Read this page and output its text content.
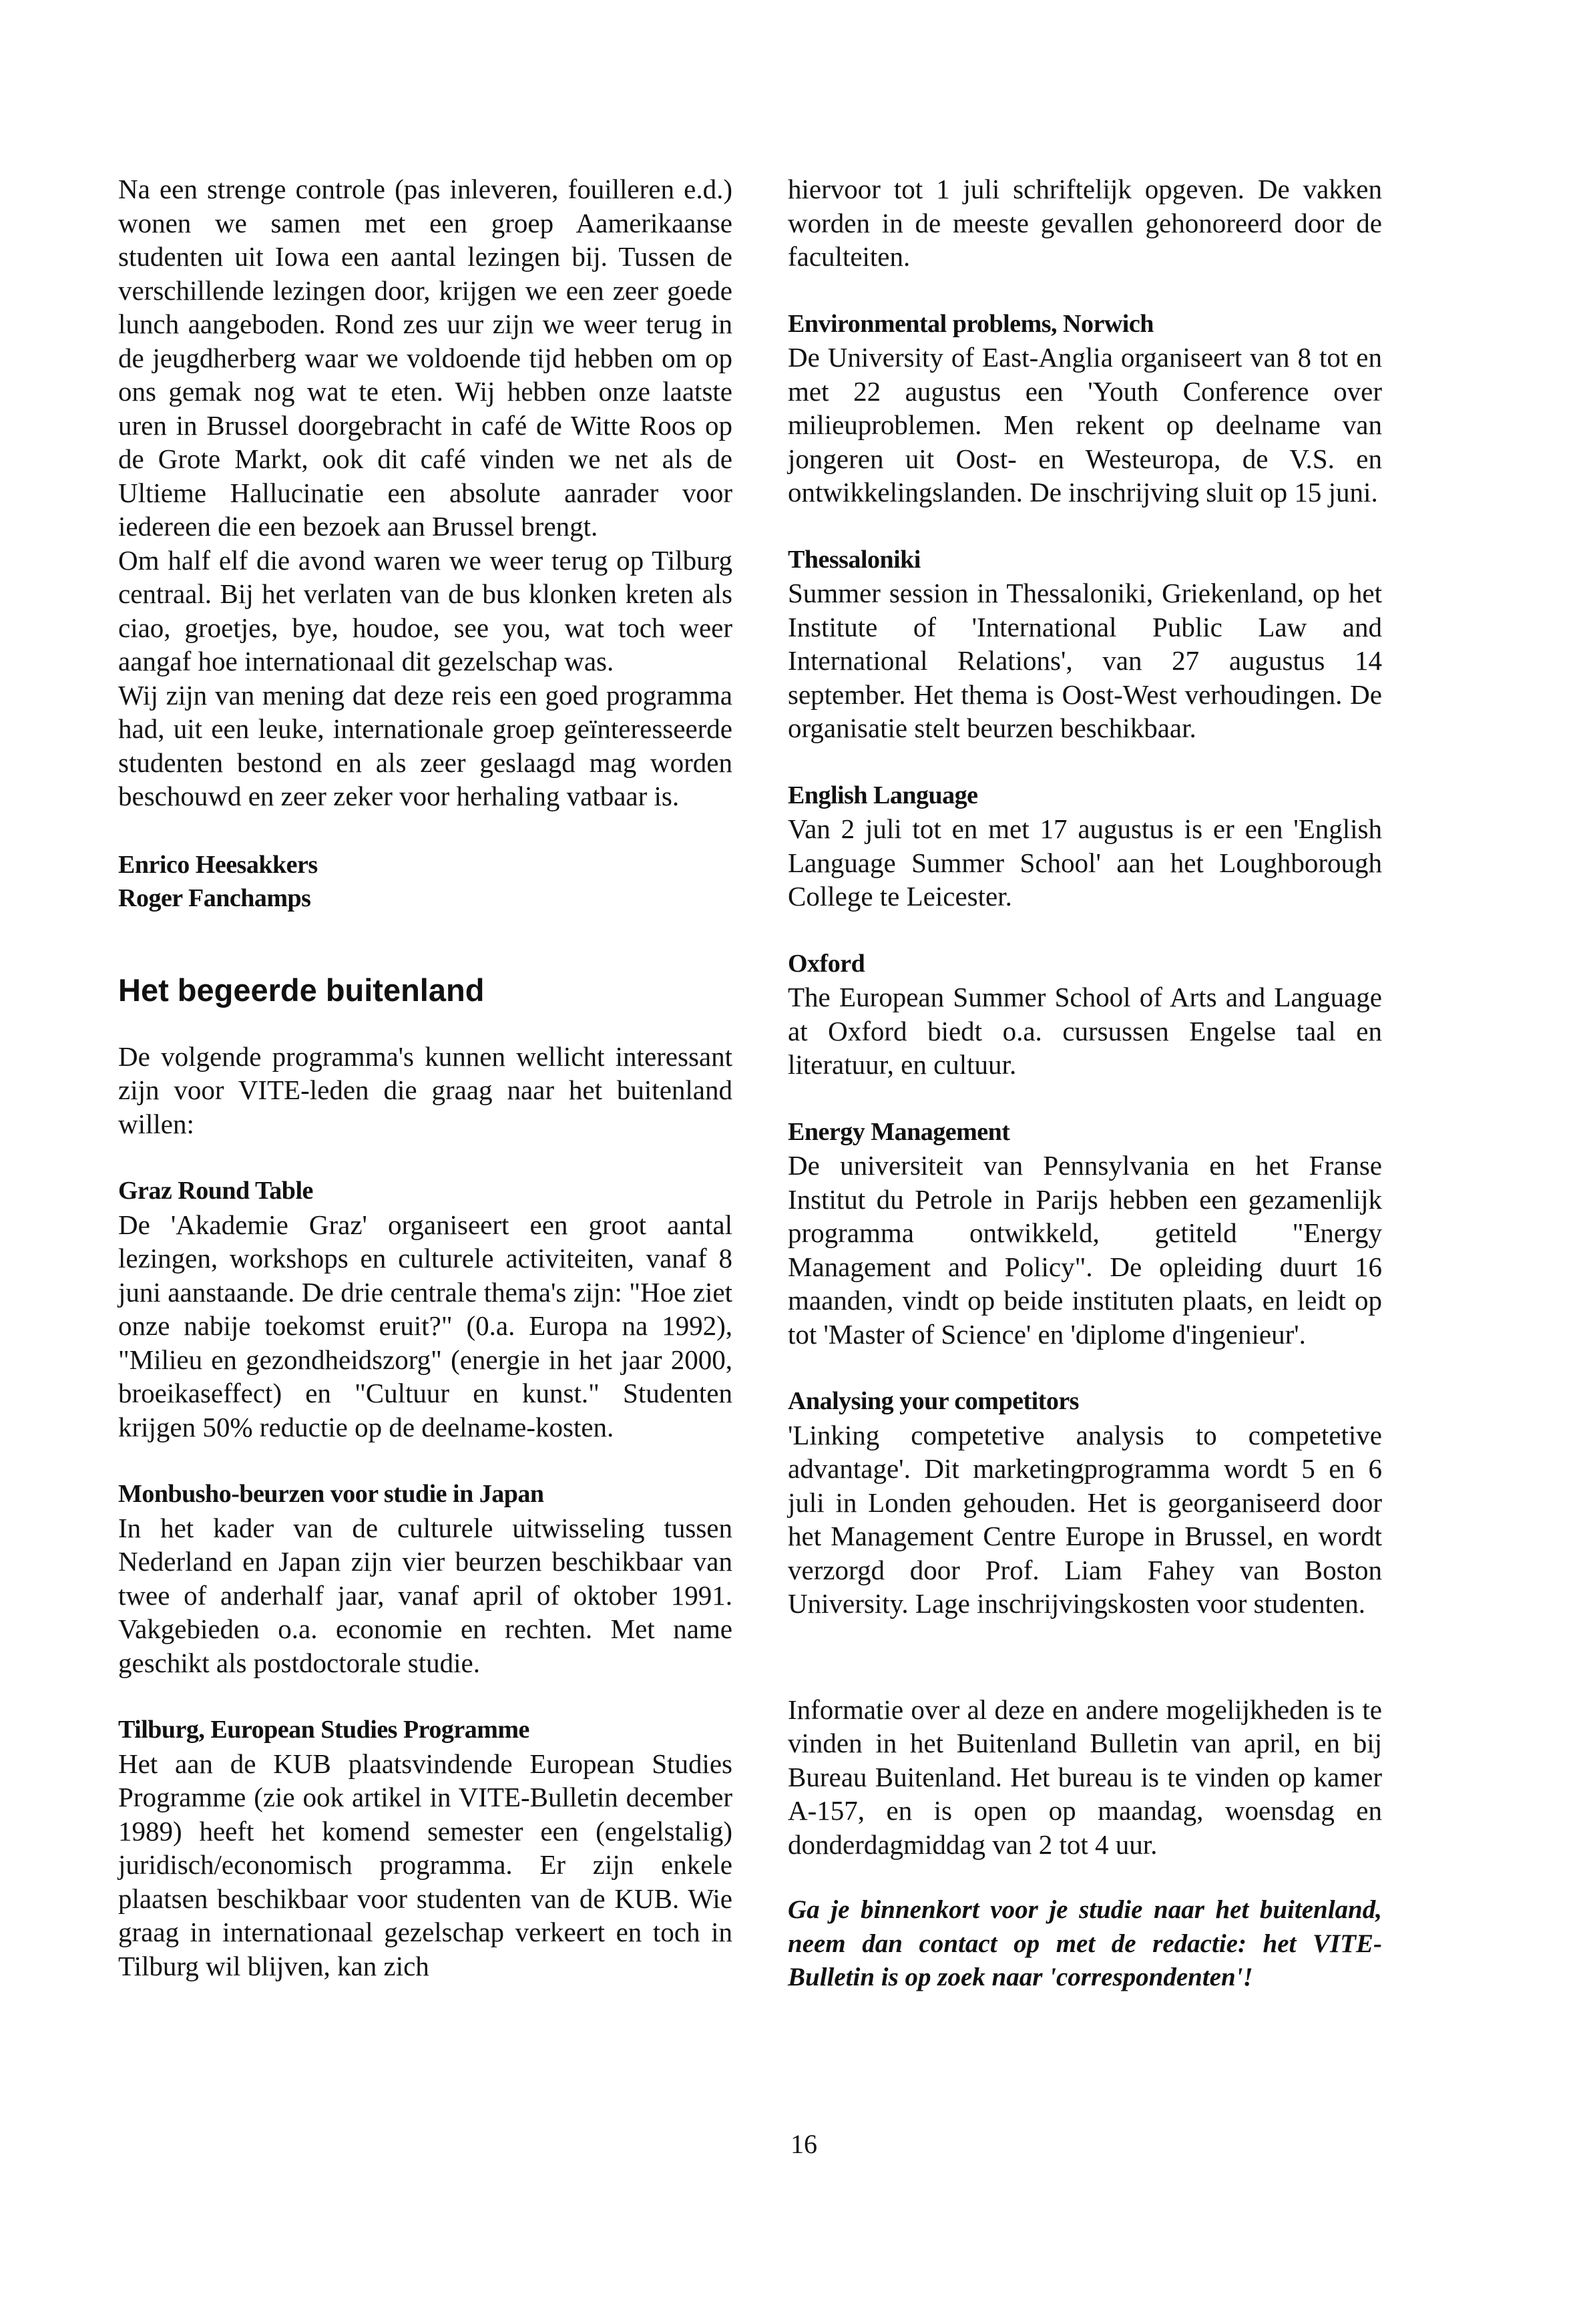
Na een strenge controle (pas inleveren, fouilleren e.d.) wonen we samen met een groep Aamerikaanse studenten uit Iowa een aantal lezingen bij. Tussen de verschillende lezingen door, krijgen we een zeer goede lunch aangeboden. Rond zes uur zijn we weer terug in de jeugdherberg waar we voldoende tijd hebben om op ons gemak nog wat te eten. Wij hebben onze laatste uren in Brussel doorgebracht in café de Witte Roos op de Grote Markt, ook dit café vinden we net als de Ultieme Hallucinatie een absolute aanrader voor iedereen die een bezoek aan Brussel brengt.

Om half elf die avond waren we weer terug op Tilburg centraal. Bij het verlaten van de bus klonken kreten als ciao, groetjes, bye, houdoe, see you, wat toch weer aangaf hoe internationaal dit gezelschap was.

Wij zijn van mening dat deze reis een goed programma had, uit een leuke, internationale groep geïnteresseerde studenten bestond en als zeer geslaagd mag worden beschouwd en zeer zeker voor herhaling vatbaar is.

Enrico Heesakkers
Roger Fanchamps
Het begeerde buitenland

De volgende programma's kunnen wellicht interessant zijn voor VITE-leden die graag naar het buitenland willen:

Graz Round Table

De 'Akademie Graz' organiseert een groot aantal lezingen, workshops en culturele activiteiten, vanaf 8 juni aanstaande. De drie centrale thema's zijn: "Hoe ziet onze nabije toekomst eruit?" (0.a. Europa na 1992), "Milieu en gezondheidszorg" (energie in het jaar 2000, broeikaseffect) en "Cultuur en kunst." Studenten krijgen 50% reductie op de deelname-kosten.

Monbusho-beurzen voor studie in Japan

In het kader van de culturele uitwisseling tussen Nederland en Japan zijn vier beurzen beschikbaar van twee of anderhalf jaar, vanaf april of oktober 1991. Vakgebieden o.a. economie en rechten. Met name geschikt als postdoctorale studie.

Tilburg, European Studies Programme

Het aan de KUB plaatsvindende European Studies Programme (zie ook artikel in VITE-Bulletin december 1989) heeft het komend semester een (engelstalig) juridisch/economisch programma. Er zijn enkele plaatsen beschikbaar voor studenten van de KUB. Wie graag in internationaal gezelschap verkeert en toch in Tilburg wil blijven, kan zich

hiervoor tot 1 juli schriftelijk opgeven. De vakken worden in de meeste gevallen gehonoreerd door de faculteiten.

Environmental problems, Norwich

De University of East-Anglia organiseert van 8 tot en met 22 augustus een 'Youth Conference over milieuproblemen. Men rekent op deelname van jongeren uit Oost- en Westeuropa, de V.S. en ontwikkelingslanden. De inschrijving sluit op 15 juni.

Thessaloniki

Summer session in Thessaloniki, Griekenland, op het Institute of 'International Public Law and International Relations', van 27 augustus 14 september. Het thema is Oost-West verhoudingen. De organisatie stelt beurzen beschikbaar.

English Language

Van 2 juli tot en met 17 augustus is er een 'English Language Summer School' aan het Loughborough College te Leicester.

Oxford

The European Summer School of Arts and Language at Oxford biedt o.a. cursussen Engelse taal en literatuur, en cultuur.

Energy Management

De universiteit van Pennsylvania en het Franse Institut du Petrole in Parijs hebben een gezamenlijk programma ontwikkeld, getiteld "Energy Management and Policy". De opleiding duurt 16 maanden, vindt op beide instituten plaats, en leidt op tot 'Master of Science' en 'diplome d'ingenieur'.

Analysing your competitors

'Linking competetive analysis to competetive advantage'. Dit marketingprogramma wordt 5 en 6 juli in Londen gehouden. Het is georganiseerd door het Management Centre Europe in Brussel, en wordt verzorgd door Prof. Liam Fahey van Boston University. Lage inschrijvingskosten voor studenten.

Informatie over al deze en andere mogelijkheden is te vinden in het Buitenland Bulletin van april, en bij Bureau Buitenland. Het bureau is te vinden op kamer A-157, en is open op maandag, woensdag en donderdagmiddag van 2 tot 4 uur.

Ga je binnenkort voor je studie naar het buitenland, neem dan contact op met de redactie: het VITE-Bulletin is op zoek naar 'correspondenten'!

16
